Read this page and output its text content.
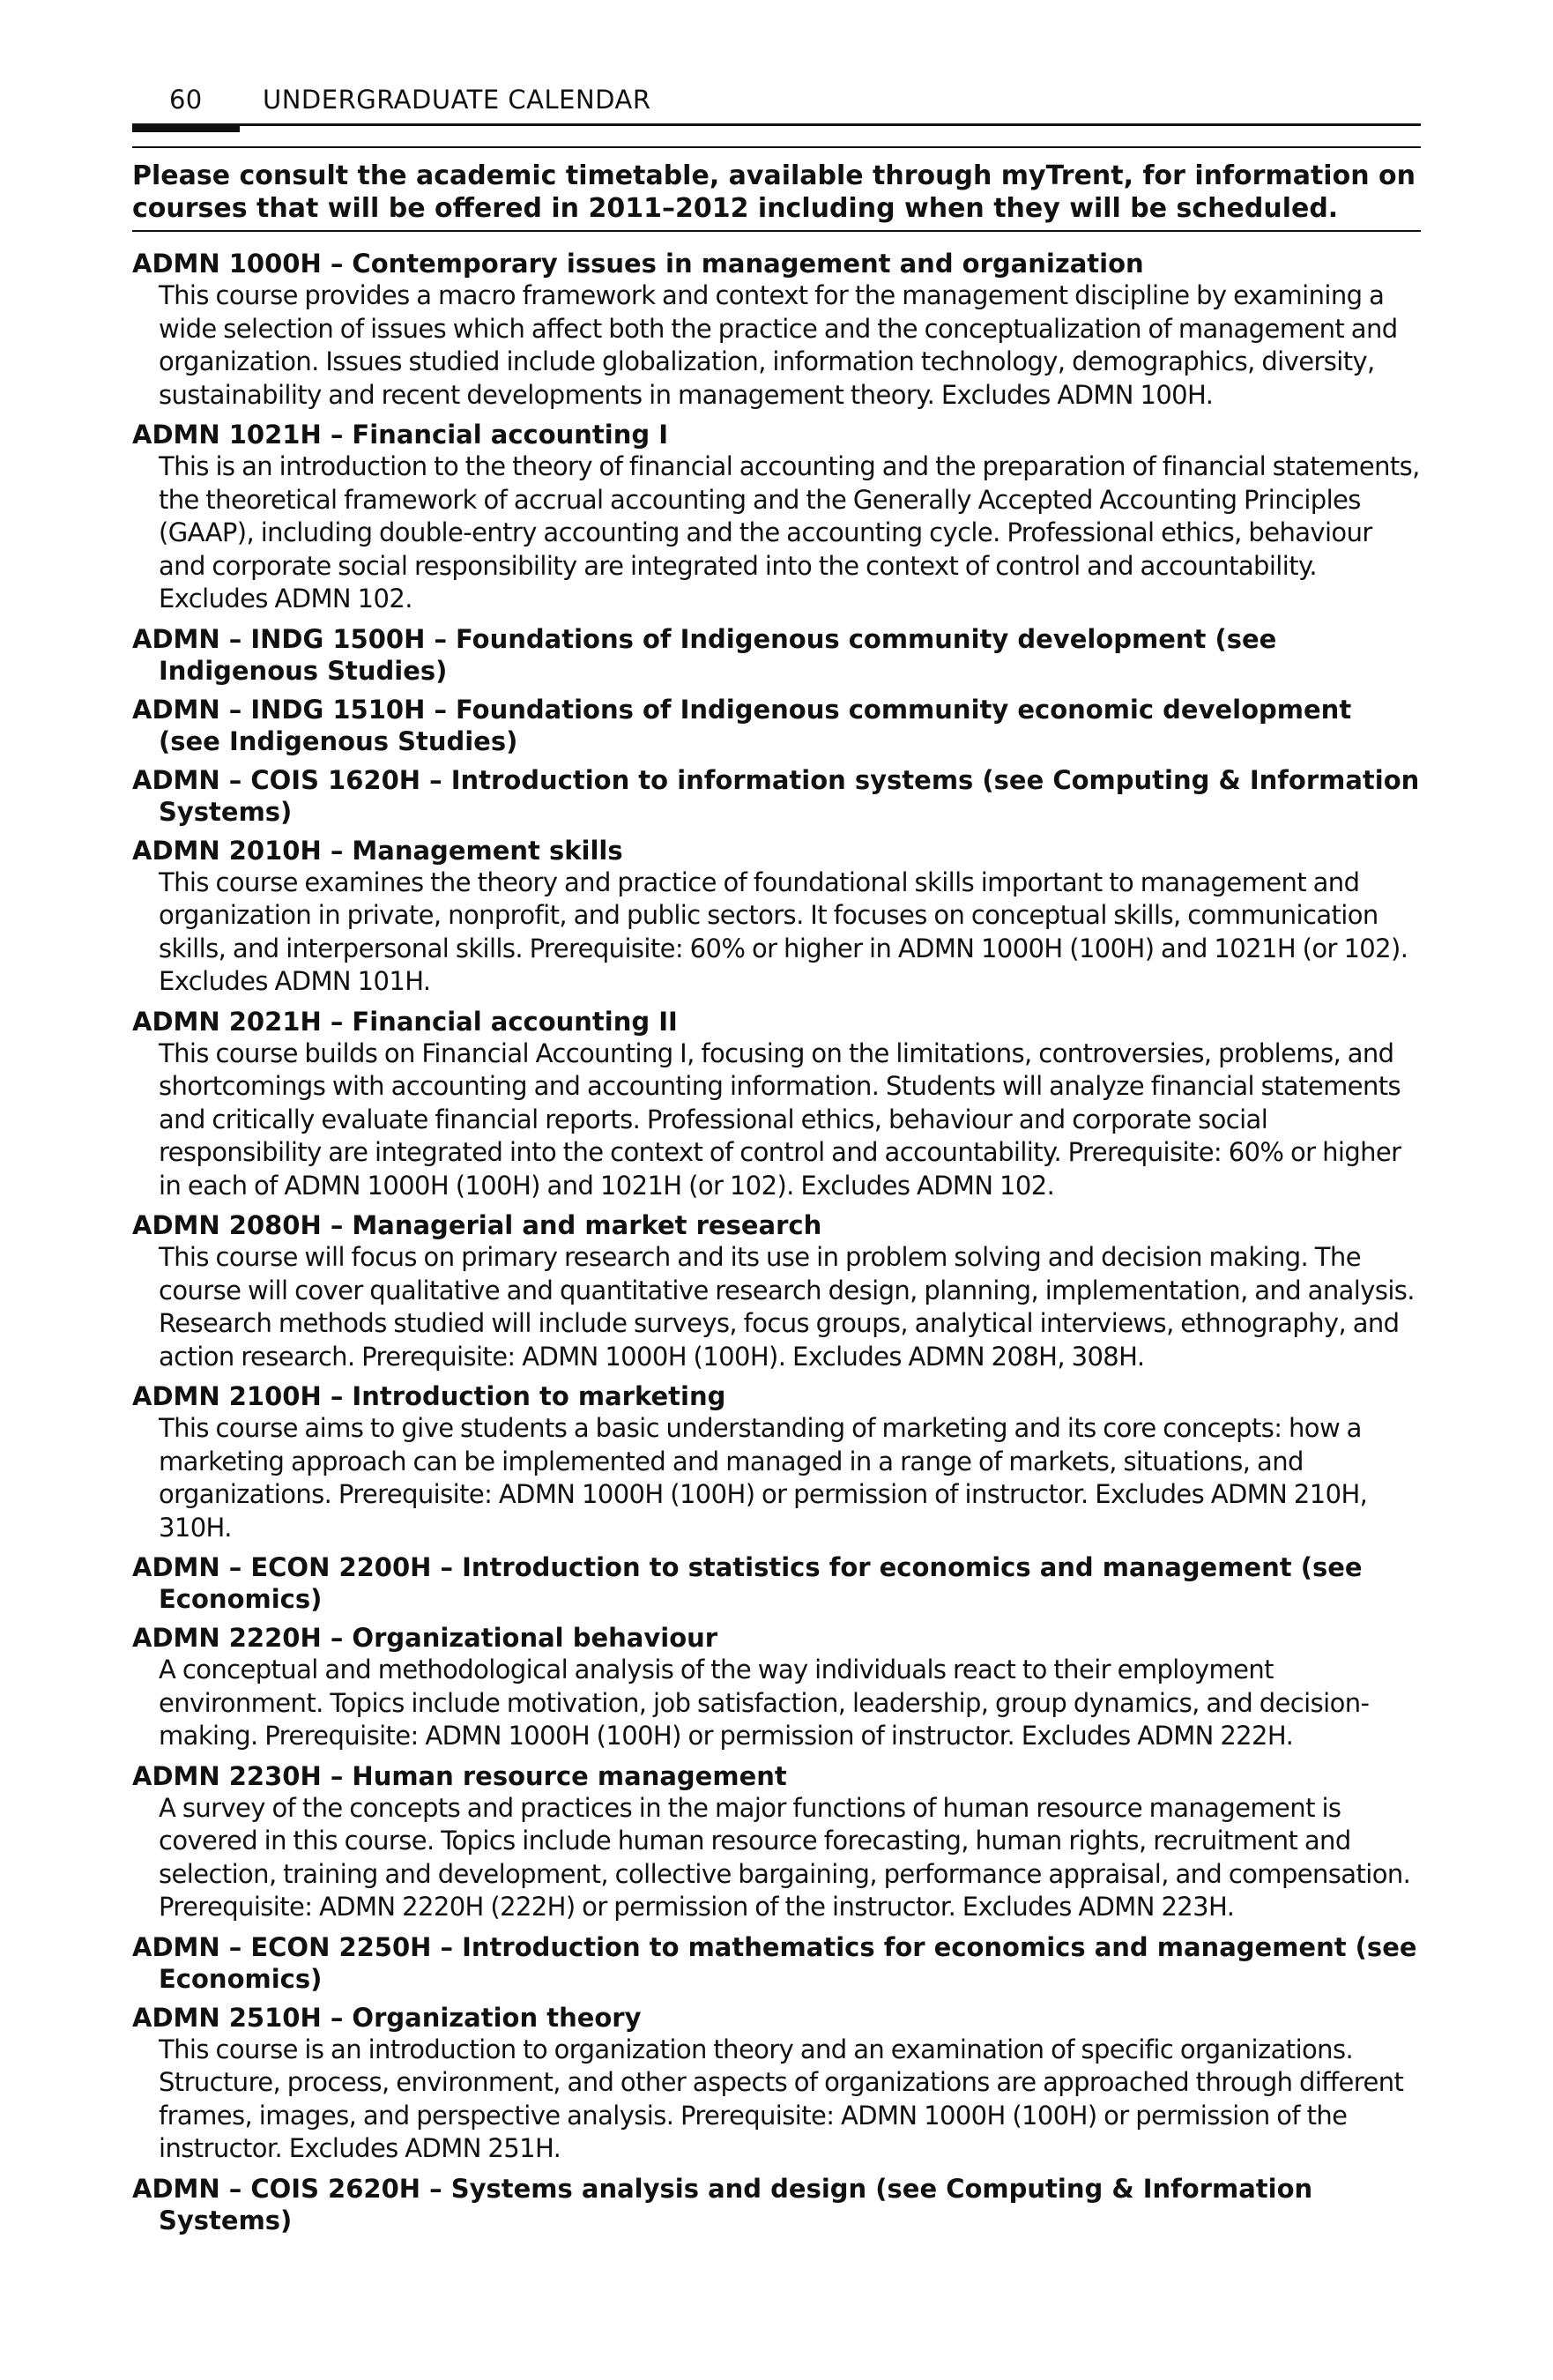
60 UNDERGRADUATE CALENDAR

Please consult the academic timetable, available through myTrent, for information on courses that will be offered in 2011–2012 including when they will be scheduled.

ADMN 1000H – Contemporary issues in management and organization
This course provides a macro framework and context for the management discipline by examining a wide selection of issues which affect both the practice and the conceptualization of management and organization. Issues studied include globalization, information technology, demographics, diversity, sustainability and recent developments in management theory. Excludes ADMN 100H.
ADMN 1021H – Financial accounting I
This is an introduction to the theory of financial accounting and the preparation of financial statements, the theoretical framework of accrual accounting and the Generally Accepted Accounting Principles (GAAP), including double-entry accounting and the accounting cycle. Professional ethics, behaviour and corporate social responsibility are integrated into the context of control and accountability. Excludes ADMN 102.
ADMN – INDG 1500H – Foundations of Indigenous community development (see Indigenous Studies)
ADMN – INDG 1510H – Foundations of Indigenous community economic development (see Indigenous Studies)
ADMN – COIS 1620H – Introduction to information systems (see Computing & Information Systems)
ADMN 2010H – Management skills
This course examines the theory and practice of foundational skills important to management and organization in private, nonprofit, and public sectors. It focuses on conceptual skills, communication skills, and interpersonal skills. Prerequisite: 60% or higher in ADMN 1000H (100H) and 1021H (or 102). Excludes ADMN 101H.
ADMN 2021H – Financial accounting II
This course builds on Financial Accounting I, focusing on the limitations, controversies, problems, and shortcomings with accounting and accounting information. Students will analyze financial statements and critically evaluate financial reports. Professional ethics, behaviour and corporate social responsibility are integrated into the context of control and accountability. Prerequisite: 60% or higher in each of ADMN 1000H (100H) and 1021H (or 102). Excludes ADMN 102.
ADMN 2080H – Managerial and market research
This course will focus on primary research and its use in problem solving and decision making. The course will cover qualitative and quantitative research design, planning, implementation, and analysis. Research methods studied will include surveys, focus groups, analytical interviews, ethnography, and action research. Prerequisite: ADMN 1000H (100H). Excludes ADMN 208H, 308H.
ADMN 2100H – Introduction to marketing
This course aims to give students a basic understanding of marketing and its core concepts: how a marketing approach can be implemented and managed in a range of markets, situations, and organizations. Prerequisite: ADMN 1000H (100H) or permission of instructor. Excludes ADMN 210H, 310H.
ADMN – ECON 2200H – Introduction to statistics for economics and management (see Economics)
ADMN 2220H – Organizational behaviour
A conceptual and methodological analysis of the way individuals react to their employment environment. Topics include motivation, job satisfaction, leadership, group dynamics, and decision-making. Prerequisite: ADMN 1000H (100H) or permission of instructor. Excludes ADMN 222H.
ADMN 2230H – Human resource management
A survey of the concepts and practices in the major functions of human resource management is covered in this course. Topics include human resource forecasting, human rights, recruitment and selection, training and development, collective bargaining, performance appraisal, and compensation. Prerequisite: ADMN 2220H (222H) or permission of the instructor. Excludes ADMN 223H.
ADMN – ECON 2250H – Introduction to mathematics for economics and management (see Economics)
ADMN 2510H – Organization theory
This course is an introduction to organization theory and an examination of specific organizations. Structure, process, environment, and other aspects of organizations are approached through different frames, images, and perspective analysis. Prerequisite: ADMN 1000H (100H) or permission of the instructor. Excludes ADMN 251H.
ADMN – COIS 2620H – Systems analysis and design (see Computing & Information Systems)
